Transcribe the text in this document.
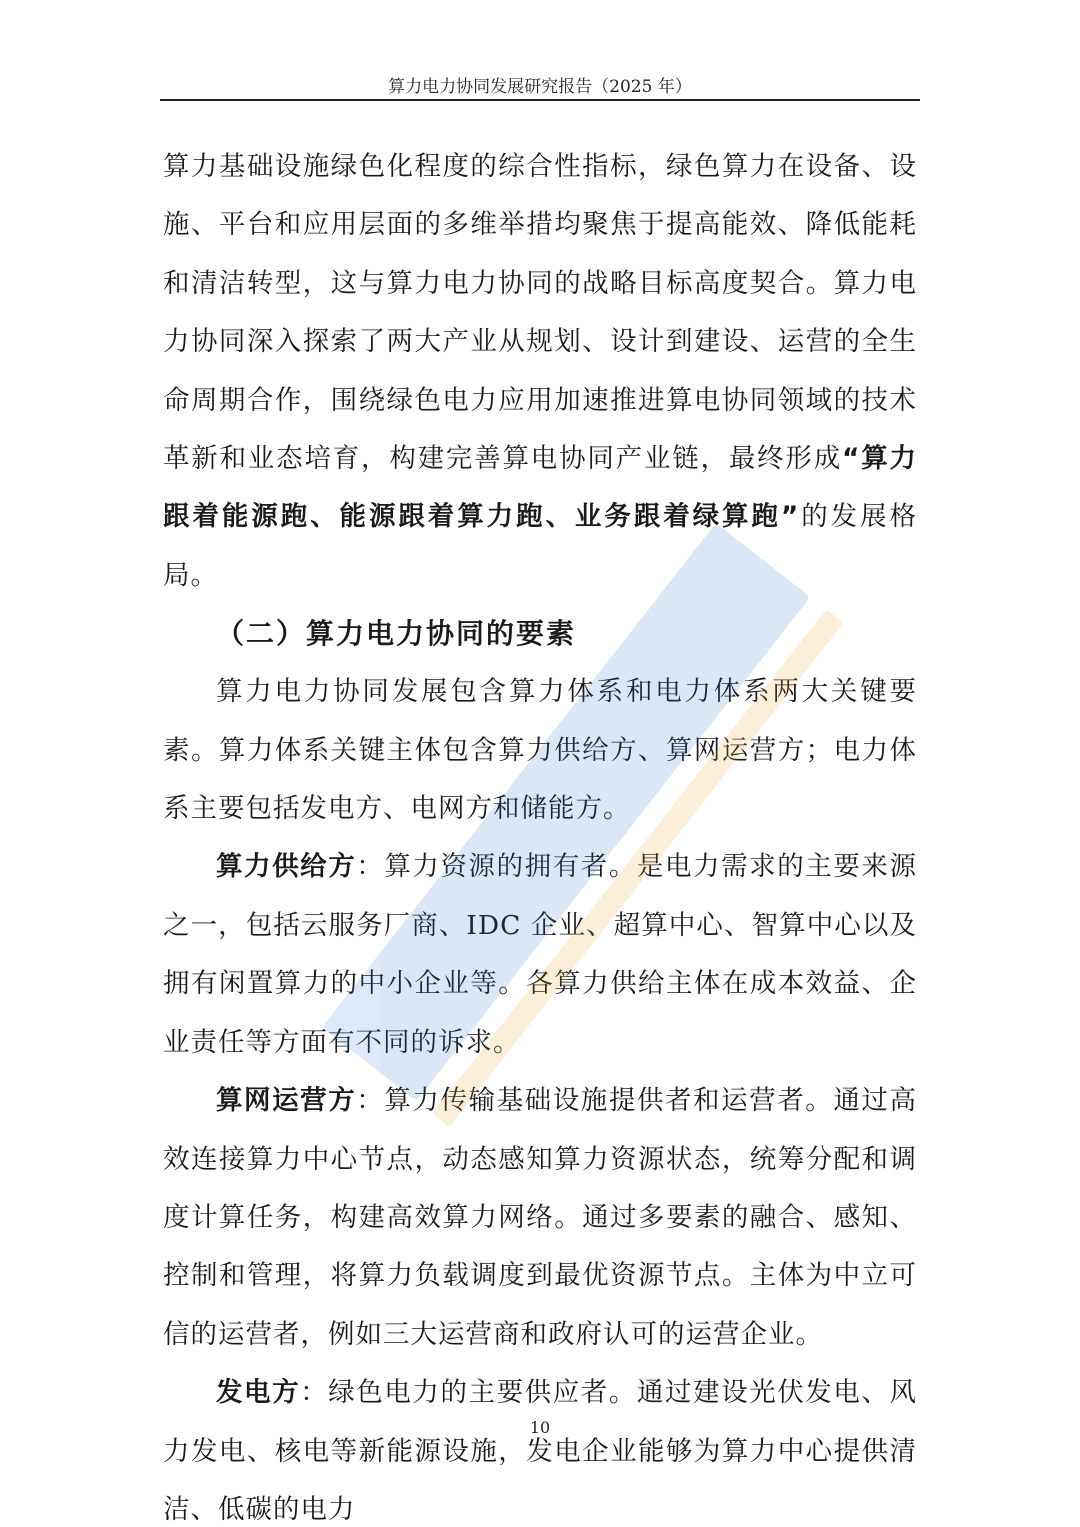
算力电力协同发展研究报告（2025 年）

算力基础设施绿色化程度的综合性指标，绿色算力在设备、设施、平台和应用层面的多维举措均聚焦于提高能效、降低能耗和清洁转型，这与算力电力协同的战略目标高度契合。算力电力协同深入探索了两大产业从规划、设计到建设、运营的全生命周期合作，围绕绿色电力应用加速推进算电协同领域的技术革新和业态培育，构建完善算电协同产业链，最终形成“算力跟着能源跑、能源跟着算力跑、业务跟着绿算跑”的发展格局。

（二）算力电力协同的要素

算力电力协同发展包含算力体系和电力体系两大关键要素。算力体系关键主体包含算力供给方、算网运营方；电力体系主要包括发电方、电网方和储能方。

算力供给方：算力资源的拥有者。是电力需求的主要来源之一，包括云服务厂商、IDC 企业、超算中心、智算中心以及拥有闲置算力的中小企业等。各算力供给主体在成本效益、企业责任等方面有不同的诉求。

算网运营方：算力传输基础设施提供者和运营者。通过高效连接算力中心节点，动态感知算力资源状态，统筹分配和调度计算任务，构建高效算力网络。通过多要素的融合、感知、控制和管理，将算力负载调度到最优资源节点。主体为中立可信的运营者，例如三大运营商和政府认可的运营企业。

发电方：绿色电力的主要供应者。通过建设光伏发电、风力发电、核电等新能源设施，发电企业能够为算力中心提供清洁、低碳的电力

10
